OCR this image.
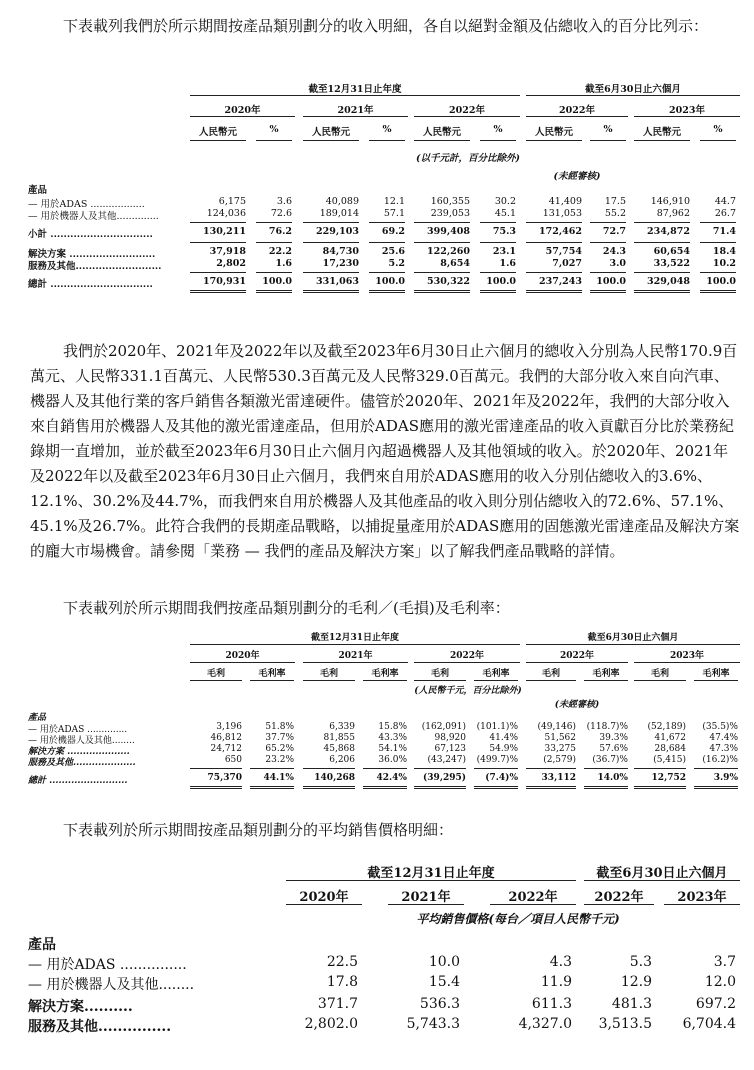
下表載列我們於所示期間按產品類別劃分的收入明細，各自以絕對金額及佔總收入的百分比列示：

截至12月31日止年度	截至6月30日止六個月
2020年	2021年	2022年	2022年	2023年
人民幣元	%	人民幣元	%	人民幣元	%	人民幣元	%	人民幣元	%
(以千元計，百分比除外)
(未經審核)
產品
— 用於ADAS ..................	6,175	3.6	40,089	12.1	160,355	30.2	41,409 17.5	146,910	44.7
— 用於機器人及其他..............	124,036	72.6	189,014	57.1	239,053	45.1	131,053 55.2	87,962	26.7
小計 ...............................	130,211 76.2	229,103 69.2 399,408 75.3 172,462 72.7 234,872 71.4
解決方案 ..........................	37,918 22.2	84,730 25.6 122,260 23.1	57,754 24.3	60,654 18.4
服務及其他..........................	2,802	1.6	17,230	5.2	8,654	1.6	7,027	3.0	33,522 10.2
總計 ...............................	170,931 100.0	331,063 100.0 530,322 100.0 237,243 100.0 329,048 100.0

我們於2020年、2021年及2022年以及截至2023年6月30日止六個月的總收入分別為人民幣170.9百萬元、人民幣331.1百萬元、人民幣530.3百萬元及人民幣329.0百萬元。我們的大部分收入來自向汽車、機器人及其他行業的客戶銷售各類激光雷達硬件。儘管於2020年、2021年及2022年，我們的大部分收入來自銷售用於機器人及其他的激光雷達產品，但用於ADAS應用的激光雷達產品的收入貢獻百分比於業務紀錄期一直增加，並於截至2023年6月30日止六個月內超過機器人及其他領域的收入。於2020年、2021年及2022年以及截至2023年6月30日止六個月，我們來自用於ADAS應用的收入分別佔總收入的3.6%、12.1%、30.2%及44.7%，而我們來自用於機器人及其他產品的收入則分別佔總收入的72.6%、57.1%、45.1%及26.7%。此符合我們的長期產品戰略，以捕捉量產用於ADAS應用的固態激光雷達產品及解決方案的龐大市場機會。請參閱「業務 — 我們的產品及解決方案」以了解我們產品戰略的詳情。

下表載列於所示期間我們按產品類別劃分的毛利／(毛損)及毛利率：

截至12月31日止年度	截至6月30日止六個月
2020年	2021年	2022年	2022年	2023年
毛利	毛利率	毛利	毛利率	毛利	毛利率	毛利	毛利率	毛利	毛利率
(人民幣千元，百分比除外)
(未經審核)
產品
— 用於ADAS ..............	3,196	51.8%	6,339	15.8% (162,091) (101.1)% (49,146) (118.7)% (52,189) (35.5)%
— 用於機器人及其他........	46,812	37.7%	81,855	43.3%	98,920	41.4%	51,562	39.3%	41,672	47.4%
解決方案 ....................	24,712	65.2%	45,868	54.1%	67,123	54.9%	33,275	57.6%	28,684	47.3%
服務及其他....................	650	23.2%	6,206	36.0% (43,247) (499.7)%	(2,579) (36.7)%	(5,415) (16.2)%
總計 .........................	75,370 44.1% 140,268 42.4% (39,295) (7.4)%	33,112 14.0%	12,752	3.9%

下表載列於所示期間按產品類別劃分的平均銷售價格明細：

截至12月31日止年度	截至6月30日止六個月
2020年	2021年	2022年	2022年	2023年
平均銷售價格(每台／項目人民幣千元)
產品
— 用於ADAS ...............	22.5	10.0	4.3	5.3	3.7
— 用於機器人及其他........	17.8	15.4	11.9	12.9	12.0
解決方案..........	371.7	536.3	611.3	481.3	697.2
服務及其他...............	2,802.0	5,743.3	4,327.0 3,513.5 6,704.4
